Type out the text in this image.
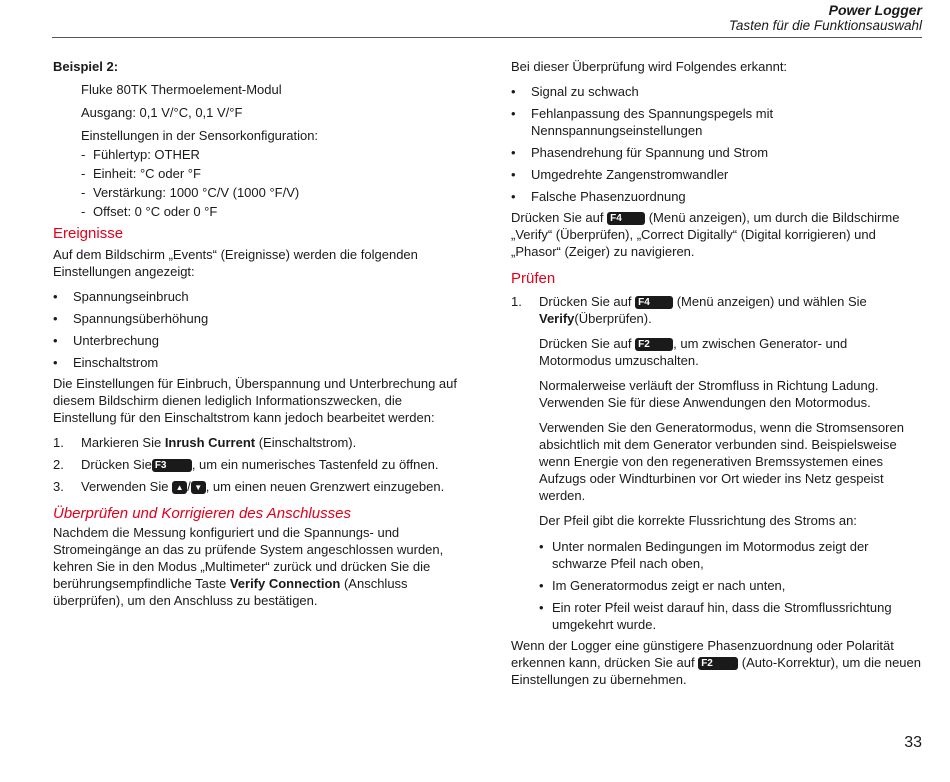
Power Logger
Tasten für die Funktionsauswahl

Beispiel 2:

Fluke 80TK Thermoelement-Modul

Ausgang: 0,1 V/°C, 0,1 V/°F

Einstellungen in der Sensorkonfiguration:

- Fühlertyp: OTHER
- Einheit: °C oder °F
- Verstärkung: 1000 °C/V (1000 °F/V)
- Offset: 0 °C oder 0 °F

Ereignisse

Auf dem Bildschirm „Events“ (Ereignisse) werden die folgenden Einstellungen angezeigt:

• Spannungseinbruch
• Spannungsüberhöhung
• Unterbrechung
• Einschaltstrom

Die Einstellungen für Einbruch, Überspannung und Unterbrechung auf diesem Bildschirm dienen lediglich Informationszwecken, die Einstellung für den Einschaltstrom kann jedoch bearbeitet werden:

1. Markieren Sie Inrush Current (Einschaltstrom).
2. Drücken Sie F3 , um ein numerisches Tastenfeld zu öffnen.
3. Verwenden Sie ▲ / ▼ , um einen neuen Grenzwert einzugeben.

Überprüfen und Korrigieren des Anschlusses

Nachdem die Messung konfiguriert und die Spannungs- und Stromeingänge an das zu prüfende System angeschlossen wurden, kehren Sie in den Modus „Multimeter“ zurück und drücken Sie die berührungsempfindliche Taste Verify Connection (Anschluss überprüfen), um den Anschluss zu bestätigen.

Bei dieser Überprüfung wird Folgendes erkannt:

• Signal zu schwach
• Fehlanpassung des Spannungspegels mit Nennspannungseinstellungen
• Phasendrehung für Spannung und Strom
• Umgedrehte Zangenstromwandler
• Falsche Phasenzuordnung

Drücken Sie auf F4 (Menü anzeigen), um durch die Bildschirme „Verify“ (Überprüfen), „Correct Digitally“ (Digital korrigieren) und „Phasor“ (Zeiger) zu navigieren.

Prüfen

1. Drücken Sie auf F4 (Menü anzeigen) und wählen Sie Verify(Überprüfen).

Drücken Sie auf F2 , um zwischen Generator- und Motormodus umzuschalten.

Normalerweise verläuft der Stromfluss in Richtung Ladung. Verwenden Sie für diese Anwendungen den Motormodus.

Verwenden Sie den Generatormodus, wenn die Stromsensoren absichtlich mit dem Generator verbunden sind. Beispielsweise wenn Energie von den regenerativen Bremssystemen eines Aufzugs oder Windturbinen vor Ort wieder ins Netz gespeist werden.

Der Pfeil gibt die korrekte Flussrichtung des Stroms an:

• Unter normalen Bedingungen im Motormodus zeigt der schwarze Pfeil nach oben,
• Im Generatormodus zeigt er nach unten,
• Ein roter Pfeil weist darauf hin, dass die Stromflussrichtung umgekehrt wurde.

Wenn der Logger eine günstigere Phasenzuordnung oder Polarität erkennen kann, drücken Sie auf F2 (Auto-Korrektur), um die neuen Einstellungen zu übernehmen.

33
